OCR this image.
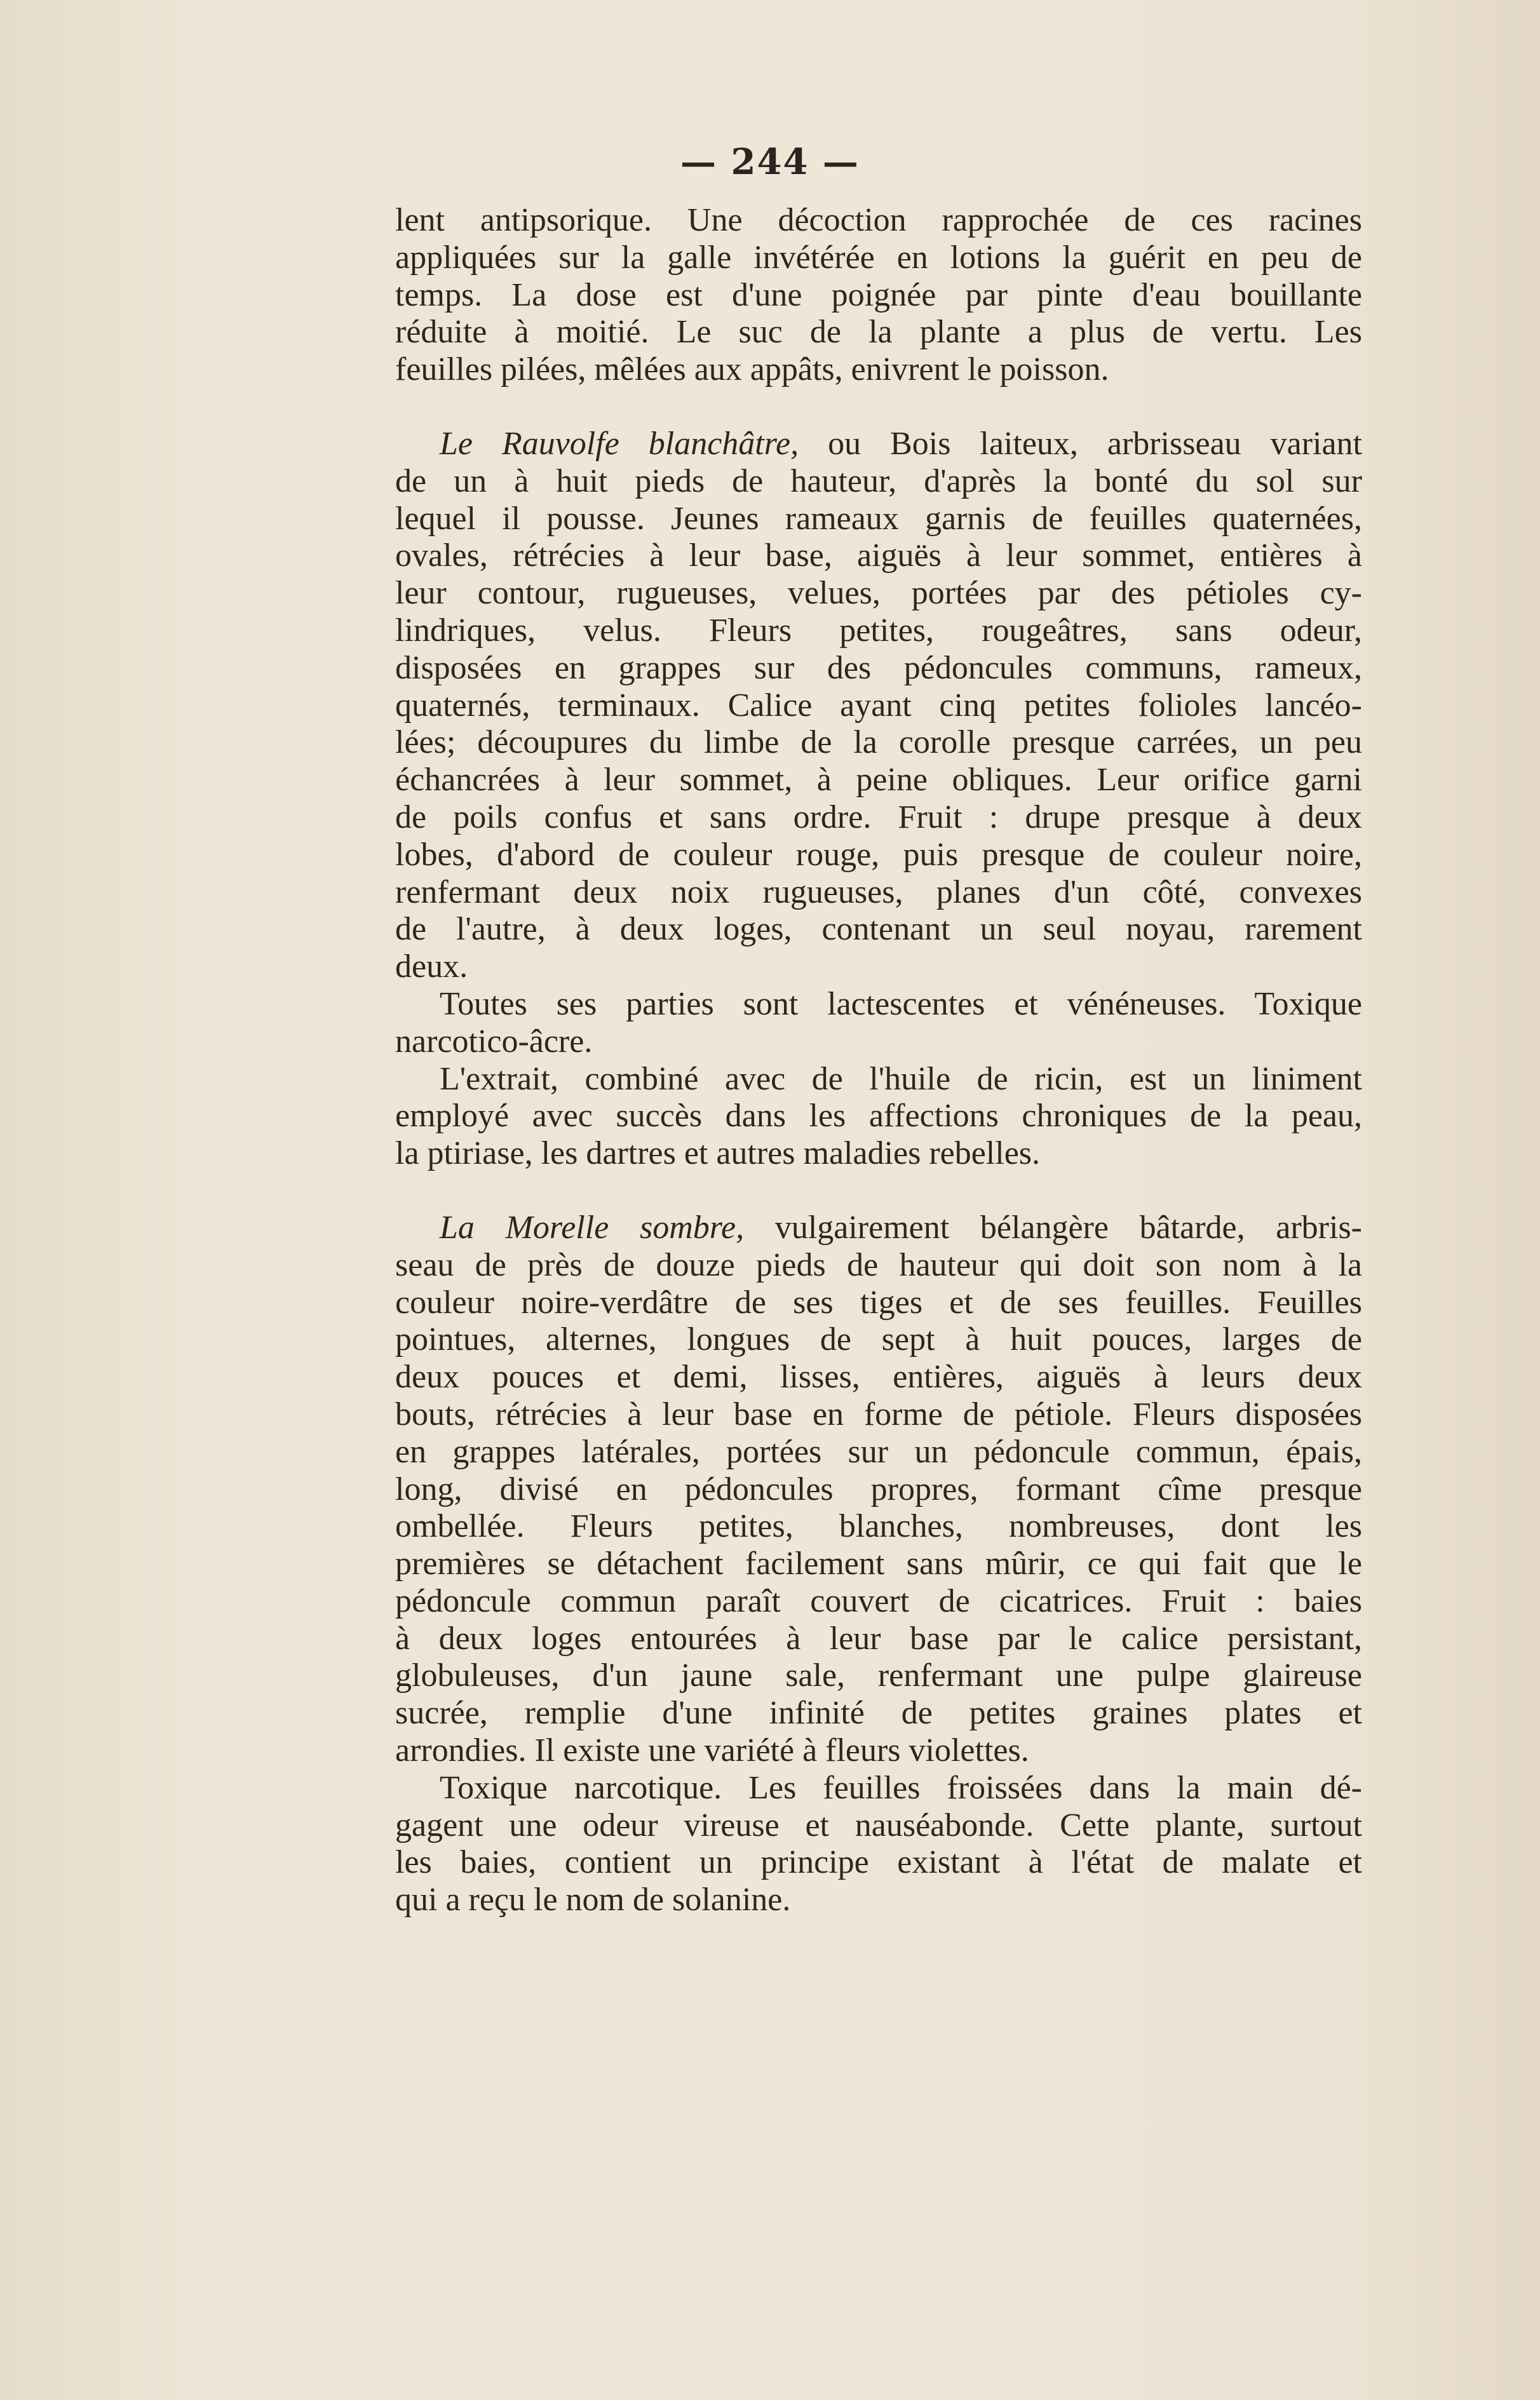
— 244 —
lent antipsorique. Une décoction rapprochée de ces racines
appliquées sur la galle invétérée en lotions la guérit en peu de
temps. La dose est d'une poignée par pinte d'eau bouillante
réduite à moitié. Le suc de la plante a plus de vertu. Les
feuilles pilées, mêlées aux appâts, enivrent le poisson.
Le Rauvolfe blanchâtre, ou Bois laiteux, arbrisseau variant
de un à huit pieds de hauteur, d'après la bonté du sol sur
lequel il pousse. Jeunes rameaux garnis de feuilles quaternées,
ovales, rétrécies à leur base, aiguës à leur sommet, entières à
leur contour, rugueuses, velues, portées par des pétioles cy-
lindriques, velus. Fleurs petites, rougeâtres, sans odeur,
disposées en grappes sur des pédoncules communs, rameux,
quaternés, terminaux. Calice ayant cinq petites folioles lancéo-
lées; découpures du limbe de la corolle presque carrées, un peu
échancrées à leur sommet, à peine obliques. Leur orifice garni
de poils confus et sans ordre. Fruit : drupe presque à deux
lobes, d'abord de couleur rouge, puis presque de couleur noire,
renfermant deux noix rugueuses, planes d'un côté, convexes
de l'autre, à deux loges, contenant un seul noyau, rarement
deux.
Toutes ses parties sont lactescentes et vénéneuses. Toxique
narcotico-âcre.
L'extrait, combiné avec de l'huile de ricin, est un liniment
employé avec succès dans les affections chroniques de la peau,
la ptiriase, les dartres et autres maladies rebelles.
La Morelle sombre, vulgairement bélangère bâtarde, arbris-
seau de près de douze pieds de hauteur qui doit son nom à la
couleur noire-verdâtre de ses tiges et de ses feuilles. Feuilles
pointues, alternes, longues de sept à huit pouces, larges de
deux pouces et demi, lisses, entières, aiguës à leurs deux
bouts, rétrécies à leur base en forme de pétiole. Fleurs disposées
en grappes latérales, portées sur un pédoncule commun, épais,
long, divisé en pédoncules propres, formant cîme presque
ombellée. Fleurs petites, blanches, nombreuses, dont les
premières se détachent facilement sans mûrir, ce qui fait que le
pédoncule commun paraît couvert de cicatrices. Fruit : baies
à deux loges entourées à leur base par le calice persistant,
globuleuses, d'un jaune sale, renfermant une pulpe glaireuse
sucrée, remplie d'une infinité de petites graines plates et
arrondies. Il existe une variété à fleurs violettes.
Toxique narcotique. Les feuilles froissées dans la main dé-
gagent une odeur vireuse et nauséabonde. Cette plante, surtout
les baies, contient un principe existant à l'état de malate et
qui a reçu le nom de solanine.
